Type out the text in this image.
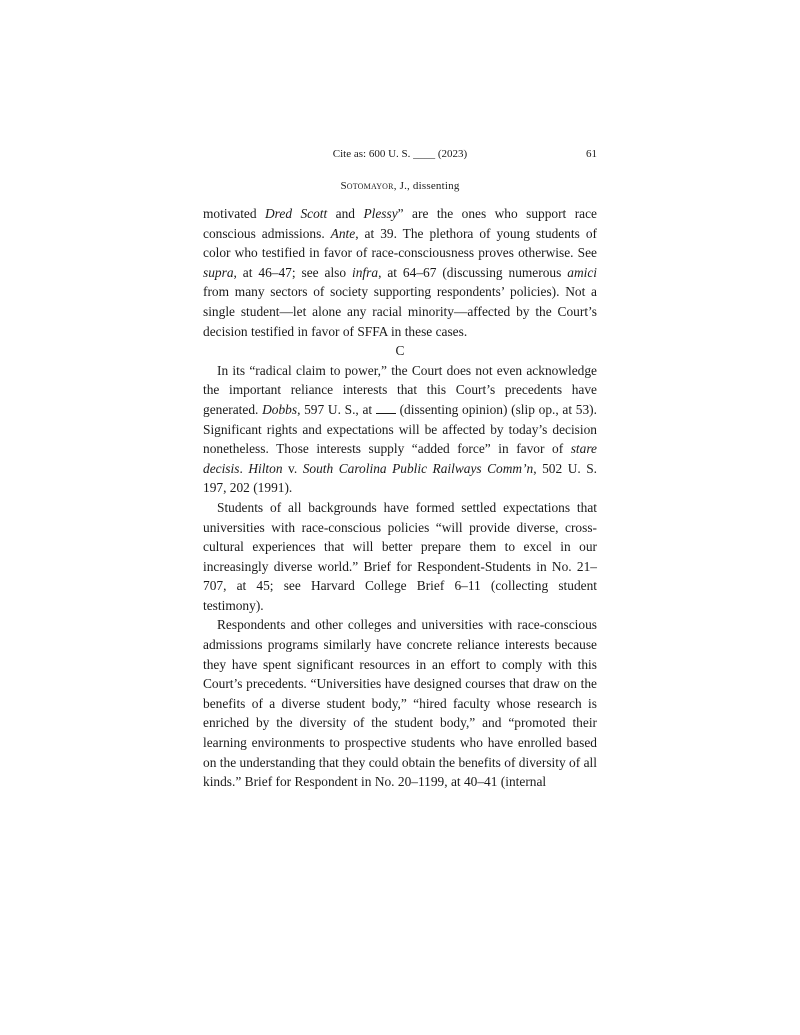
Cite as: 600 U. S. ____ (2023)	61
Sotomayor, J., dissenting

motivated Dred Scott and Plessy” are the ones who support race conscious admissions. Ante, at 39. The plethora of young students of color who testified in favor of race-consciousness proves otherwise. See supra, at 46–47; see also infra, at 64–67 (discussing numerous amici from many sectors of society supporting respondents’ policies). Not a single student—let alone any racial minority—affected by the Court’s decision testified in favor of SFFA in these cases.

C

In its “radical claim to power,” the Court does not even acknowledge the important reliance interests that this Court’s precedents have generated. Dobbs, 597 U. S., at  (dissenting opinion) (slip op., at 53). Significant rights and expectations will be affected by today’s decision nonetheless. Those interests supply “added force” in favor of stare decisis. Hilton v. South Carolina Public Railways Comm’n, 502 U. S. 197, 202 (1991).

Students of all backgrounds have formed settled expectations that universities with race-conscious policies “will provide diverse, cross-cultural experiences that will better prepare them to excel in our increasingly diverse world.” Brief for Respondent-Students in No. 21–707, at 45; see Harvard College Brief 6–11 (collecting student testimony).

Respondents and other colleges and universities with race-conscious admissions programs similarly have concrete reliance interests because they have spent significant resources in an effort to comply with this Court’s precedents. “Universities have designed courses that draw on the benefits of a diverse student body,” “hired faculty whose research is enriched by the diversity of the student body,” and “promoted their learning environments to prospective students who have enrolled based on the understanding that they could obtain the benefits of diversity of all kinds.” Brief for Respondent in No. 20–1199, at 40–41 (internal
